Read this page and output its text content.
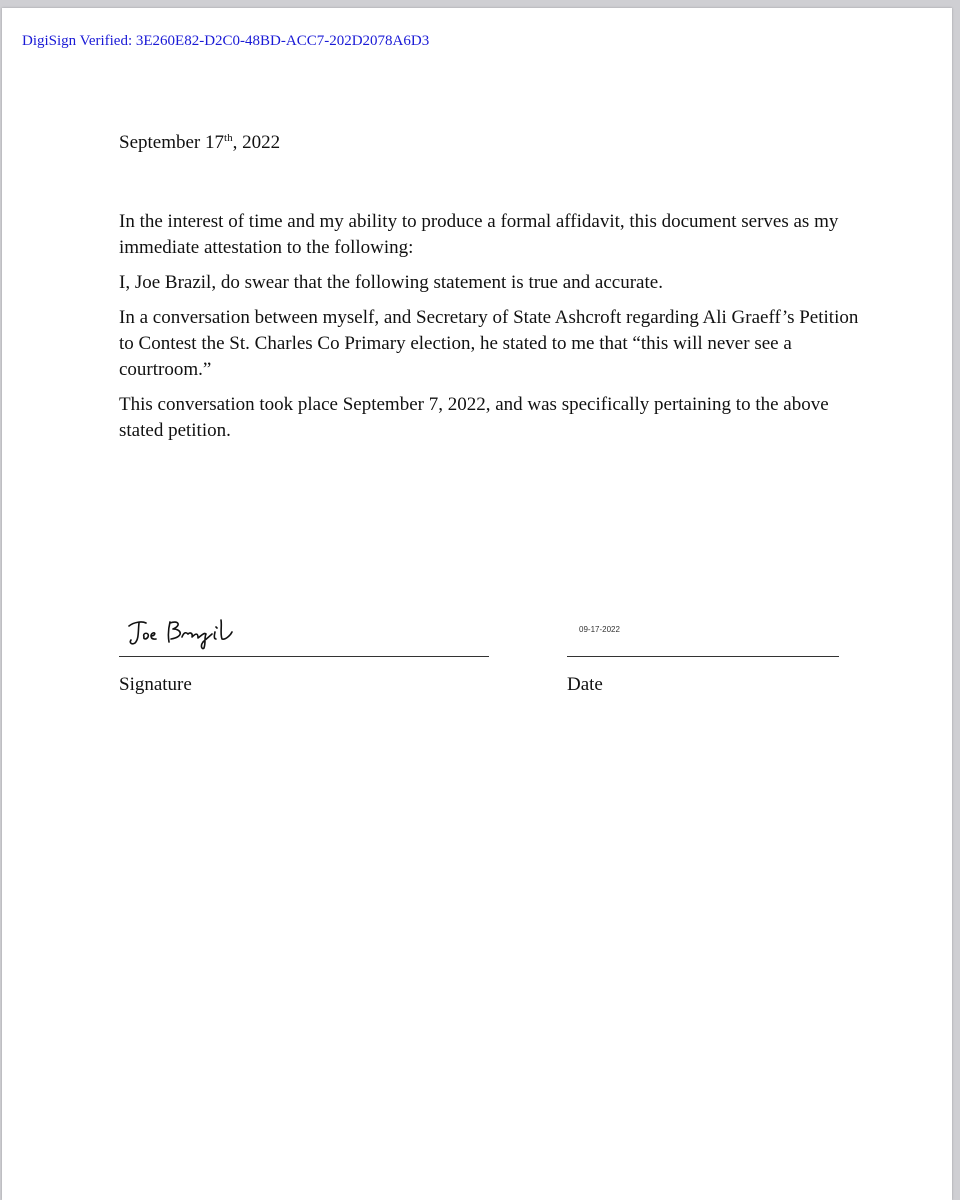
DigiSign Verified: 3E260E82-D2C0-48BD-ACC7-202D2078A6D3
September 17th, 2022

In the interest of time and my ability to produce a formal affidavit, this document serves as my immediate attestation to the following:

I, Joe Brazil, do swear that the following statement is true and accurate.

In a conversation between myself, and Secretary of State Ashcroft regarding Ali Graeff’s Petition to Contest the St. Charles Co Primary election, he stated to me that “this will never see a courtroom.”

This conversation took place September 7, 2022, and was specifically pertaining to the above stated petition.

09-17-2022
Signature	Date
